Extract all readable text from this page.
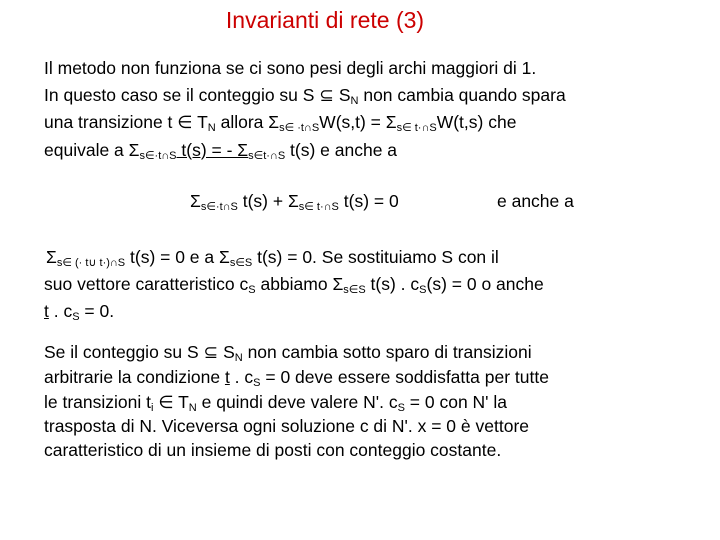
Invarianti di rete (3)
Il metodo non funziona se ci sono pesi degli archi maggiori di 1.
In questo caso se il conteggio su S ⊆ SN non cambia quando spara
una transizione t ∈ TN allora Σs∈ ·t∩SW(s,t) = Σs∈ t·∩SW(t,s) che
equivale a Σs∈·t∩S t(s) = - Σs∈t·∩S t(s) e anche a
Σs∈·t∩S t(s) + Σs∈ t·∩S t(s) = 0	e anche a
Σs∈ (· t∪ t·)∩S t(s) = 0 e a Σs∈S t(s) = 0. Se sostituiamo S con il
suo vettore caratteristico cS abbiamo Σs∈S t(s) . cS(s) = 0 o anche
t . cS = 0.
Se il conteggio su S ⊆ SN non cambia sotto sparo di transizioni
arbitrarie la condizione t . cS = 0 deve essere soddisfatta per tutte
le transizioni ti ∈ TN e quindi deve valere N'. cS = 0 con N' la
trasposta di N. Viceversa ogni soluzione c di N'. x = 0 è vettore
caratteristico di un insieme di posti con conteggio costante.
